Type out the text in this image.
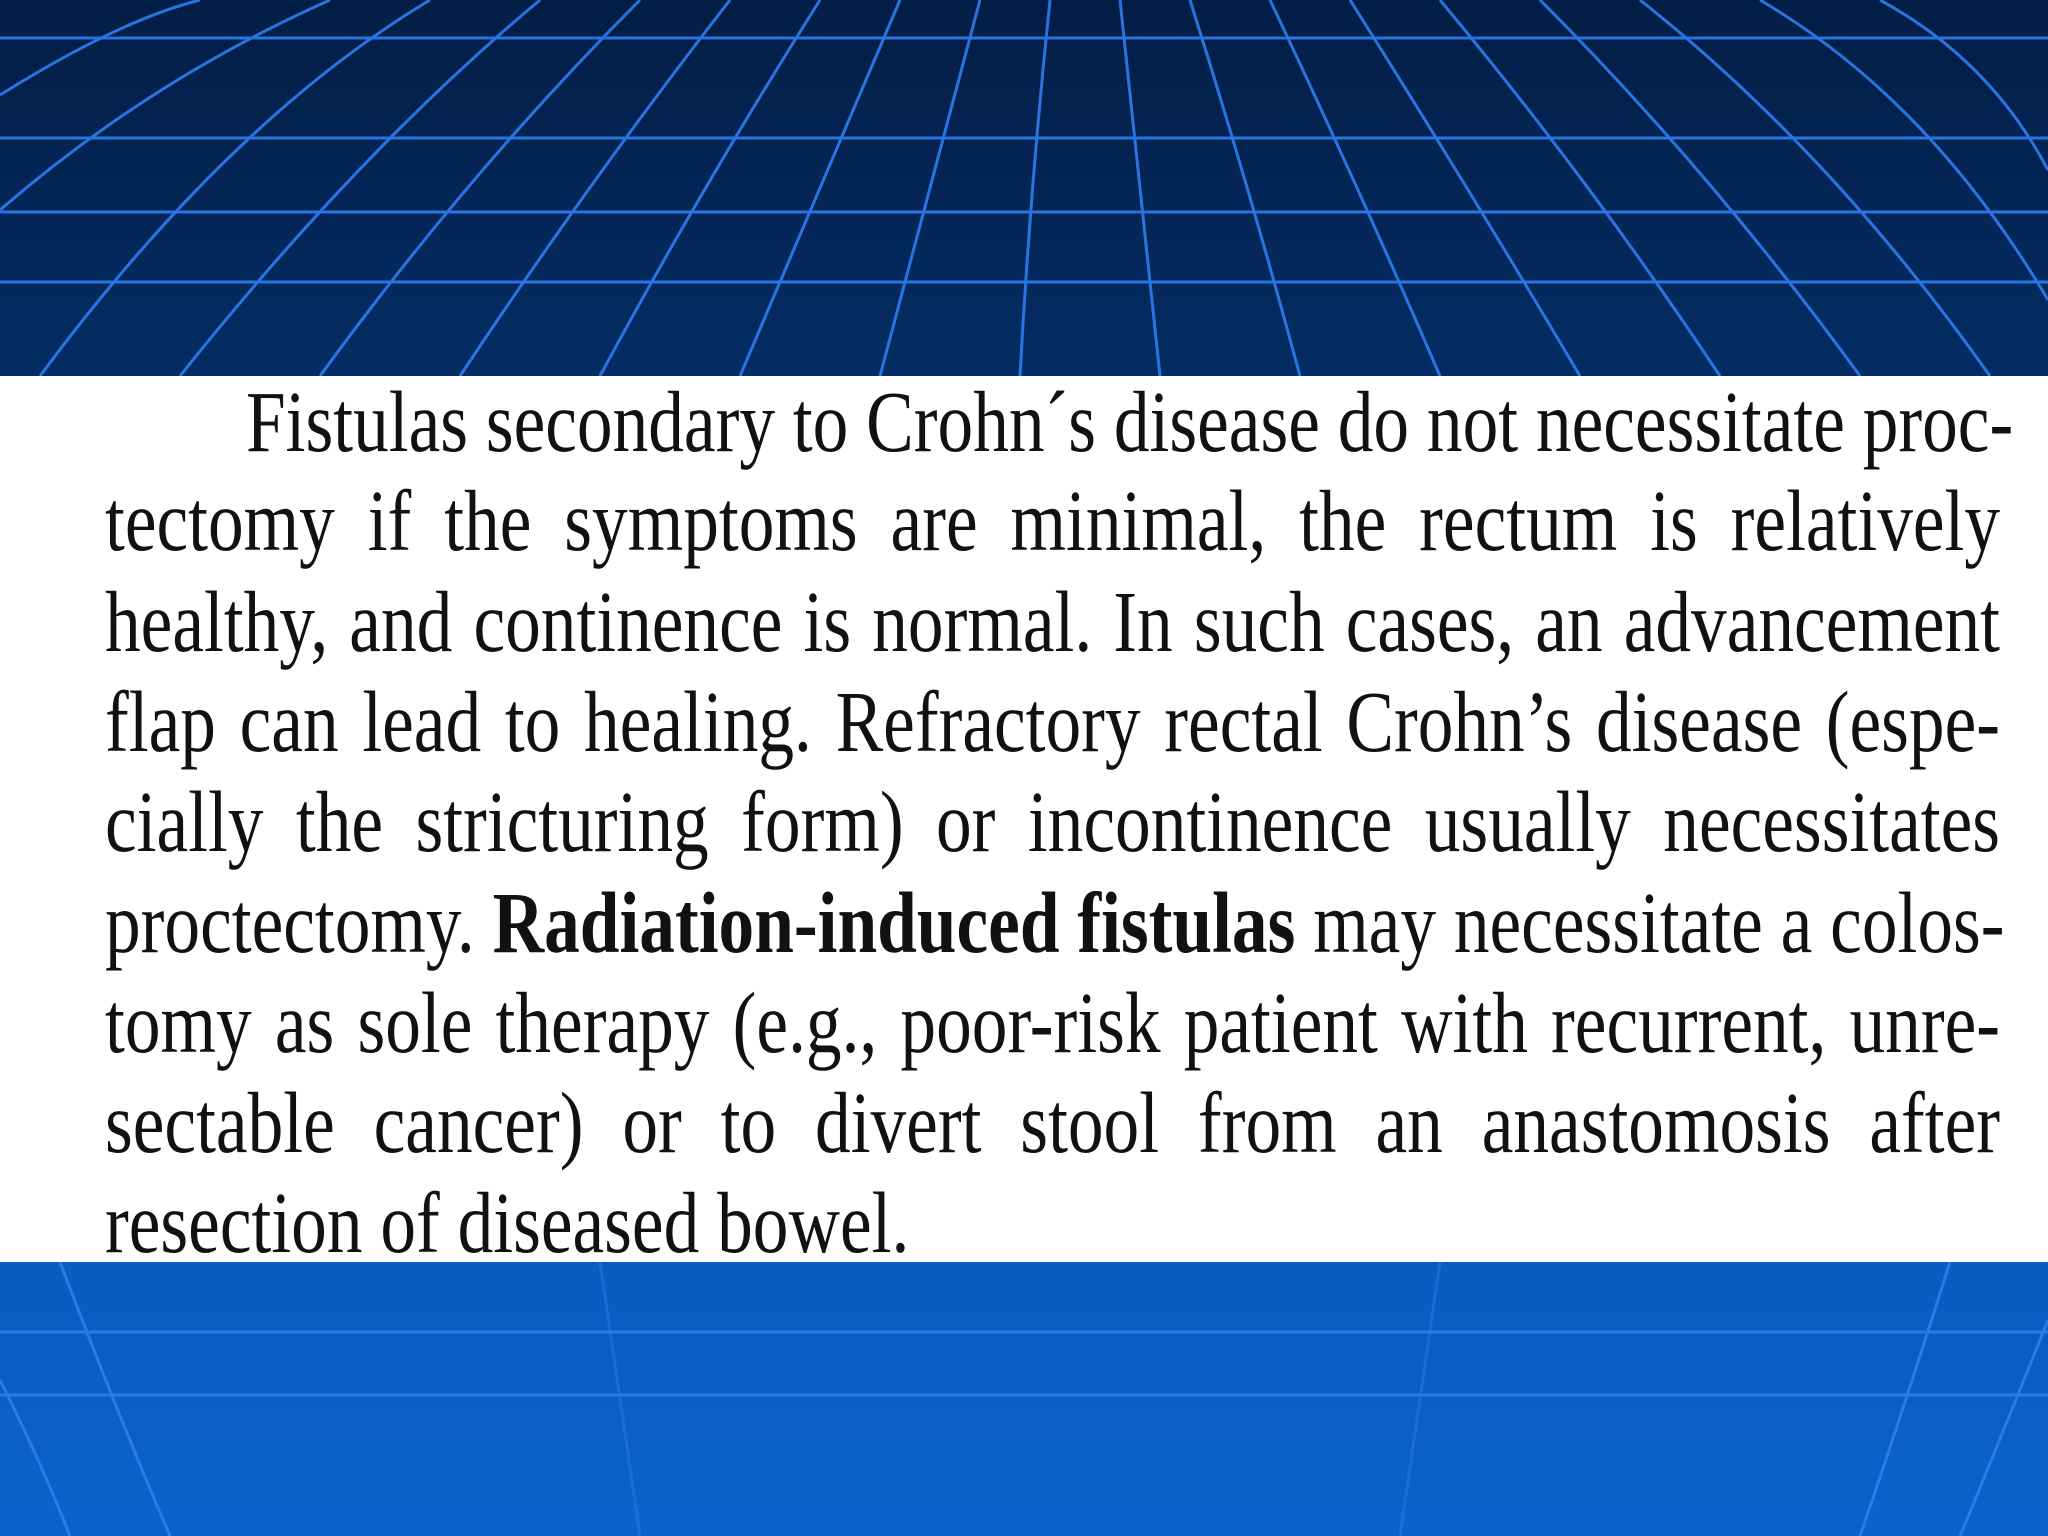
Fistulas secondary to Crohn´s disease do not necessitate proc-
tectomy if the symptoms are minimal, the rectum is relatively
healthy, and continence is normal. In such cases, an advancement
flap can lead to healing. Refractory rectal Crohn’s disease (espe-
cially the stricturing form) or incontinence usually necessitates
proctectomy. Radiation-induced fistulas may necessitate a colos-
tomy as sole therapy (e.g., poor-risk patient with recurrent, unre-
sectable cancer) or to divert stool from an anastomosis after
resection of diseased bowel.
